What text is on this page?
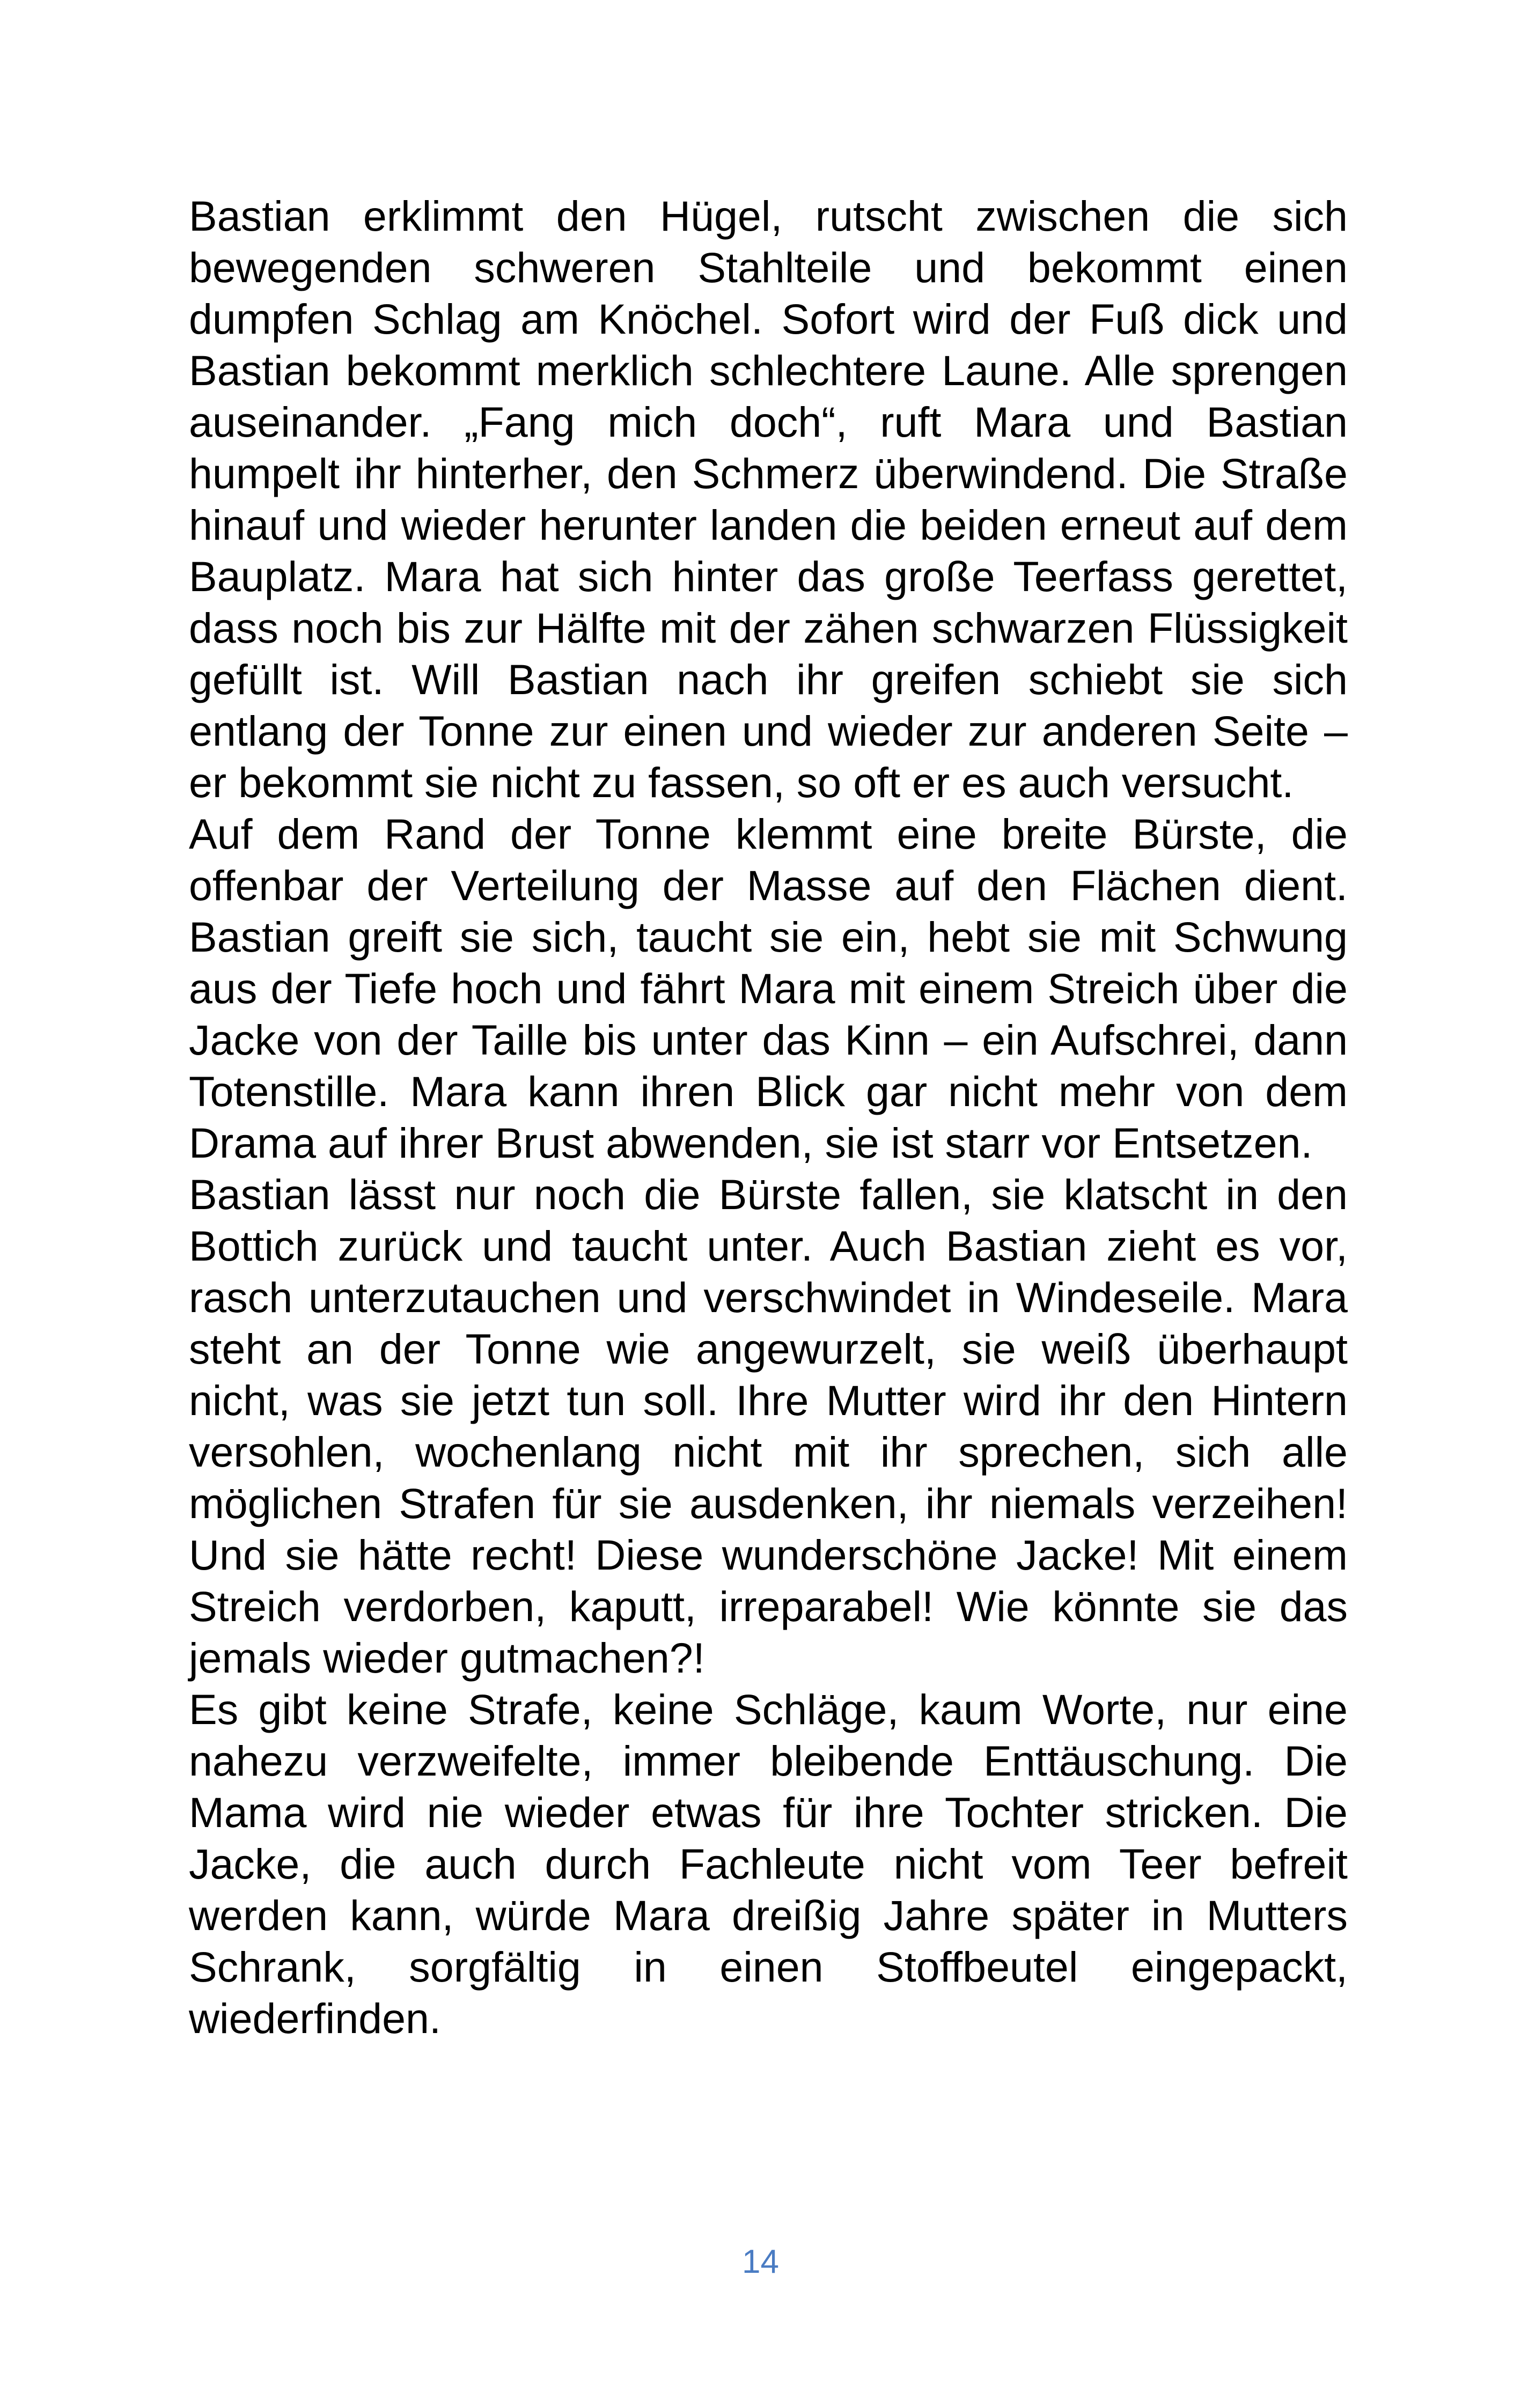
Bastian erklimmt den Hügel, rutscht zwischen die sich bewegenden schweren Stahlteile und bekommt einen dumpfen Schlag am Knöchel. Sofort wird der Fuß dick und Bastian bekommt merklich schlechtere Laune. Alle sprengen auseinander. „Fang mich doch“, ruft Mara und Bastian humpelt ihr hinterher, den Schmerz überwindend. Die Straße hinauf und wieder herunter landen die beiden erneut auf dem Bauplatz. Mara hat sich hinter das große Teerfass gerettet, dass noch bis zur Hälfte mit der zähen schwarzen Flüssigkeit gefüllt ist. Will Bastian nach ihr greifen schiebt sie sich entlang der Tonne zur einen und wieder zur anderen Seite – er bekommt sie nicht zu fassen, so oft er es auch versucht.

Auf dem Rand der Tonne klemmt eine breite Bürste, die offenbar der Verteilung der Masse auf den Flächen dient. Bastian greift sie sich, taucht sie ein, hebt sie mit Schwung aus der Tiefe hoch und fährt Mara mit einem Streich über die Jacke von der Taille bis unter das Kinn – ein Aufschrei, dann Totenstille. Mara kann ihren Blick gar nicht mehr von dem Drama auf ihrer Brust abwenden, sie ist starr vor Entsetzen.

Bastian lässt nur noch die Bürste fallen, sie klatscht in den Bottich zurück und taucht unter. Auch Bastian zieht es vor, rasch unterzutauchen und verschwindet in Windeseile. Mara steht an der Tonne wie angewurzelt, sie weiß überhaupt nicht, was sie jetzt tun soll. Ihre Mutter wird ihr den Hintern versohlen, wochenlang nicht mit ihr sprechen, sich alle möglichen Strafen für sie ausdenken, ihr niemals verzeihen! Und sie hätte recht! Diese wunderschöne Jacke! Mit einem Streich verdorben, kaputt, irreparabel! Wie könnte sie das jemals wieder gutmachen?!

Es gibt keine Strafe, keine Schläge, kaum Worte, nur eine nahezu verzweifelte, immer bleibende Enttäuschung. Die Mama wird nie wieder etwas für ihre Tochter stricken. Die Jacke, die auch durch Fachleute nicht vom Teer befreit werden kann, würde Mara dreißig Jahre später in Mutters Schrank, sorgfältig in einen Stoffbeutel eingepackt, wiederfinden.

14
